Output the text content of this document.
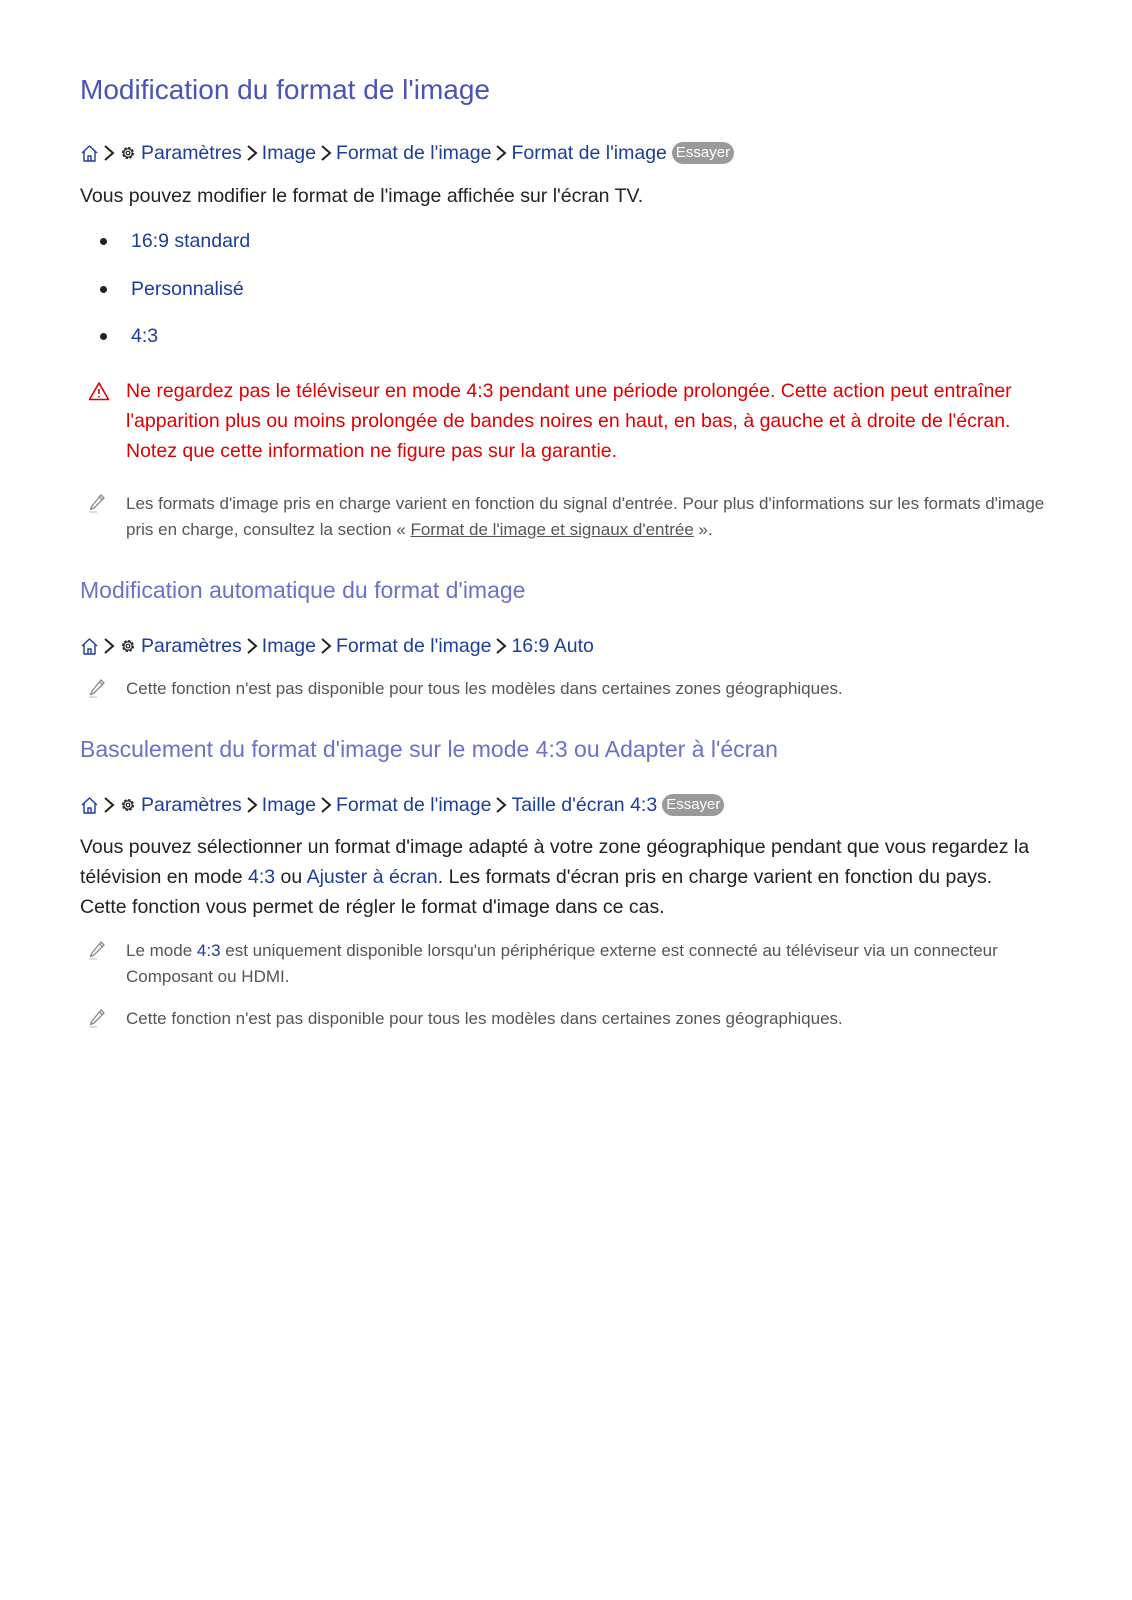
Modification du format de l'image
Paramètres Image Format de l'image Format de l'image Essayer

Vous pouvez modifier le format de l'image affichée sur l'écran TV.

16:9 standard
Personnalisé
4:3
Ne regardez pas le téléviseur en mode 4:3 pendant une période prolongée. Cette action peut entraîner l'apparition plus ou moins prolongée de bandes noires en haut, en bas, à gauche et à droite de l'écran. Notez que cette information ne figure pas sur la garantie.
Les formats d'image pris en charge varient en fonction du signal d'entrée. Pour plus d'informations sur les formats d'image pris en charge, consultez la section « Format de l'image et signaux d'entrée ».
Modification automatique du format d'image
Paramètres Image Format de l'image 16:9 Auto
Cette fonction n'est pas disponible pour tous les modèles dans certaines zones géographiques.
Basculement du format d'image sur le mode 4:3 ou Adapter à l'écran
Paramètres Image Format de l'image Taille d'écran 4:3 Essayer

Vous pouvez sélectionner un format d'image adapté à votre zone géographique pendant que vous regardez la télévision en mode 4:3 ou Ajuster à écran. Les formats d'écran pris en charge varient en fonction du pays. Cette fonction vous permet de régler le format d'image dans ce cas.

Le mode 4:3 est uniquement disponible lorsqu'un périphérique externe est connecté au téléviseur via un connecteur Composant ou HDMI.
Cette fonction n'est pas disponible pour tous les modèles dans certaines zones géographiques.
